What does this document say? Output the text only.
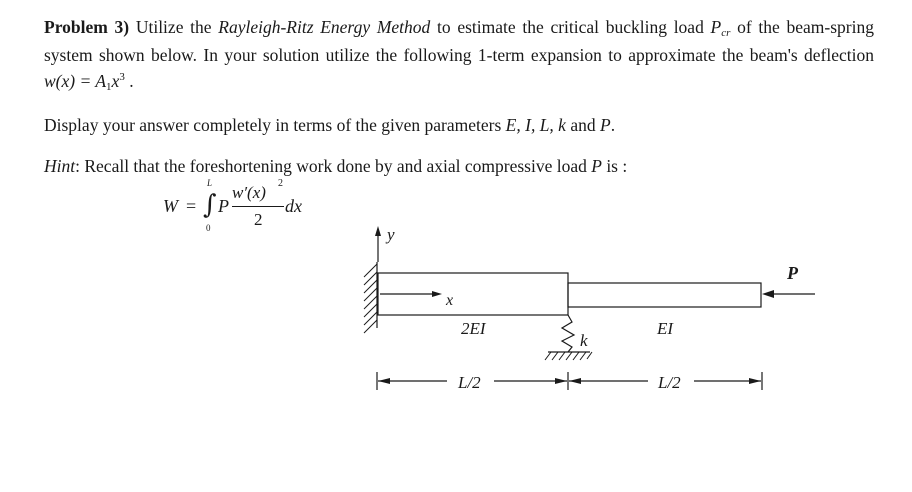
Problem 3) Utilize the Rayleigh-Ritz Energy Method to estimate the critical buckling load $P_{cr}$ of the beam-spring system shown below. In your solution utilize the following 1-term expansion to approximate the beam's deflection $w(x) = A_1x^3$ .
Display your answer completely in terms of the given parameters E, I, L, k and P.
Hint: Recall that the foreshortening work done by and axial compressive load P is :
W = ∫
L
0
P
w′(x) 2
2
dx
y
x
2EI	EI
k
P
L/2	L/2
